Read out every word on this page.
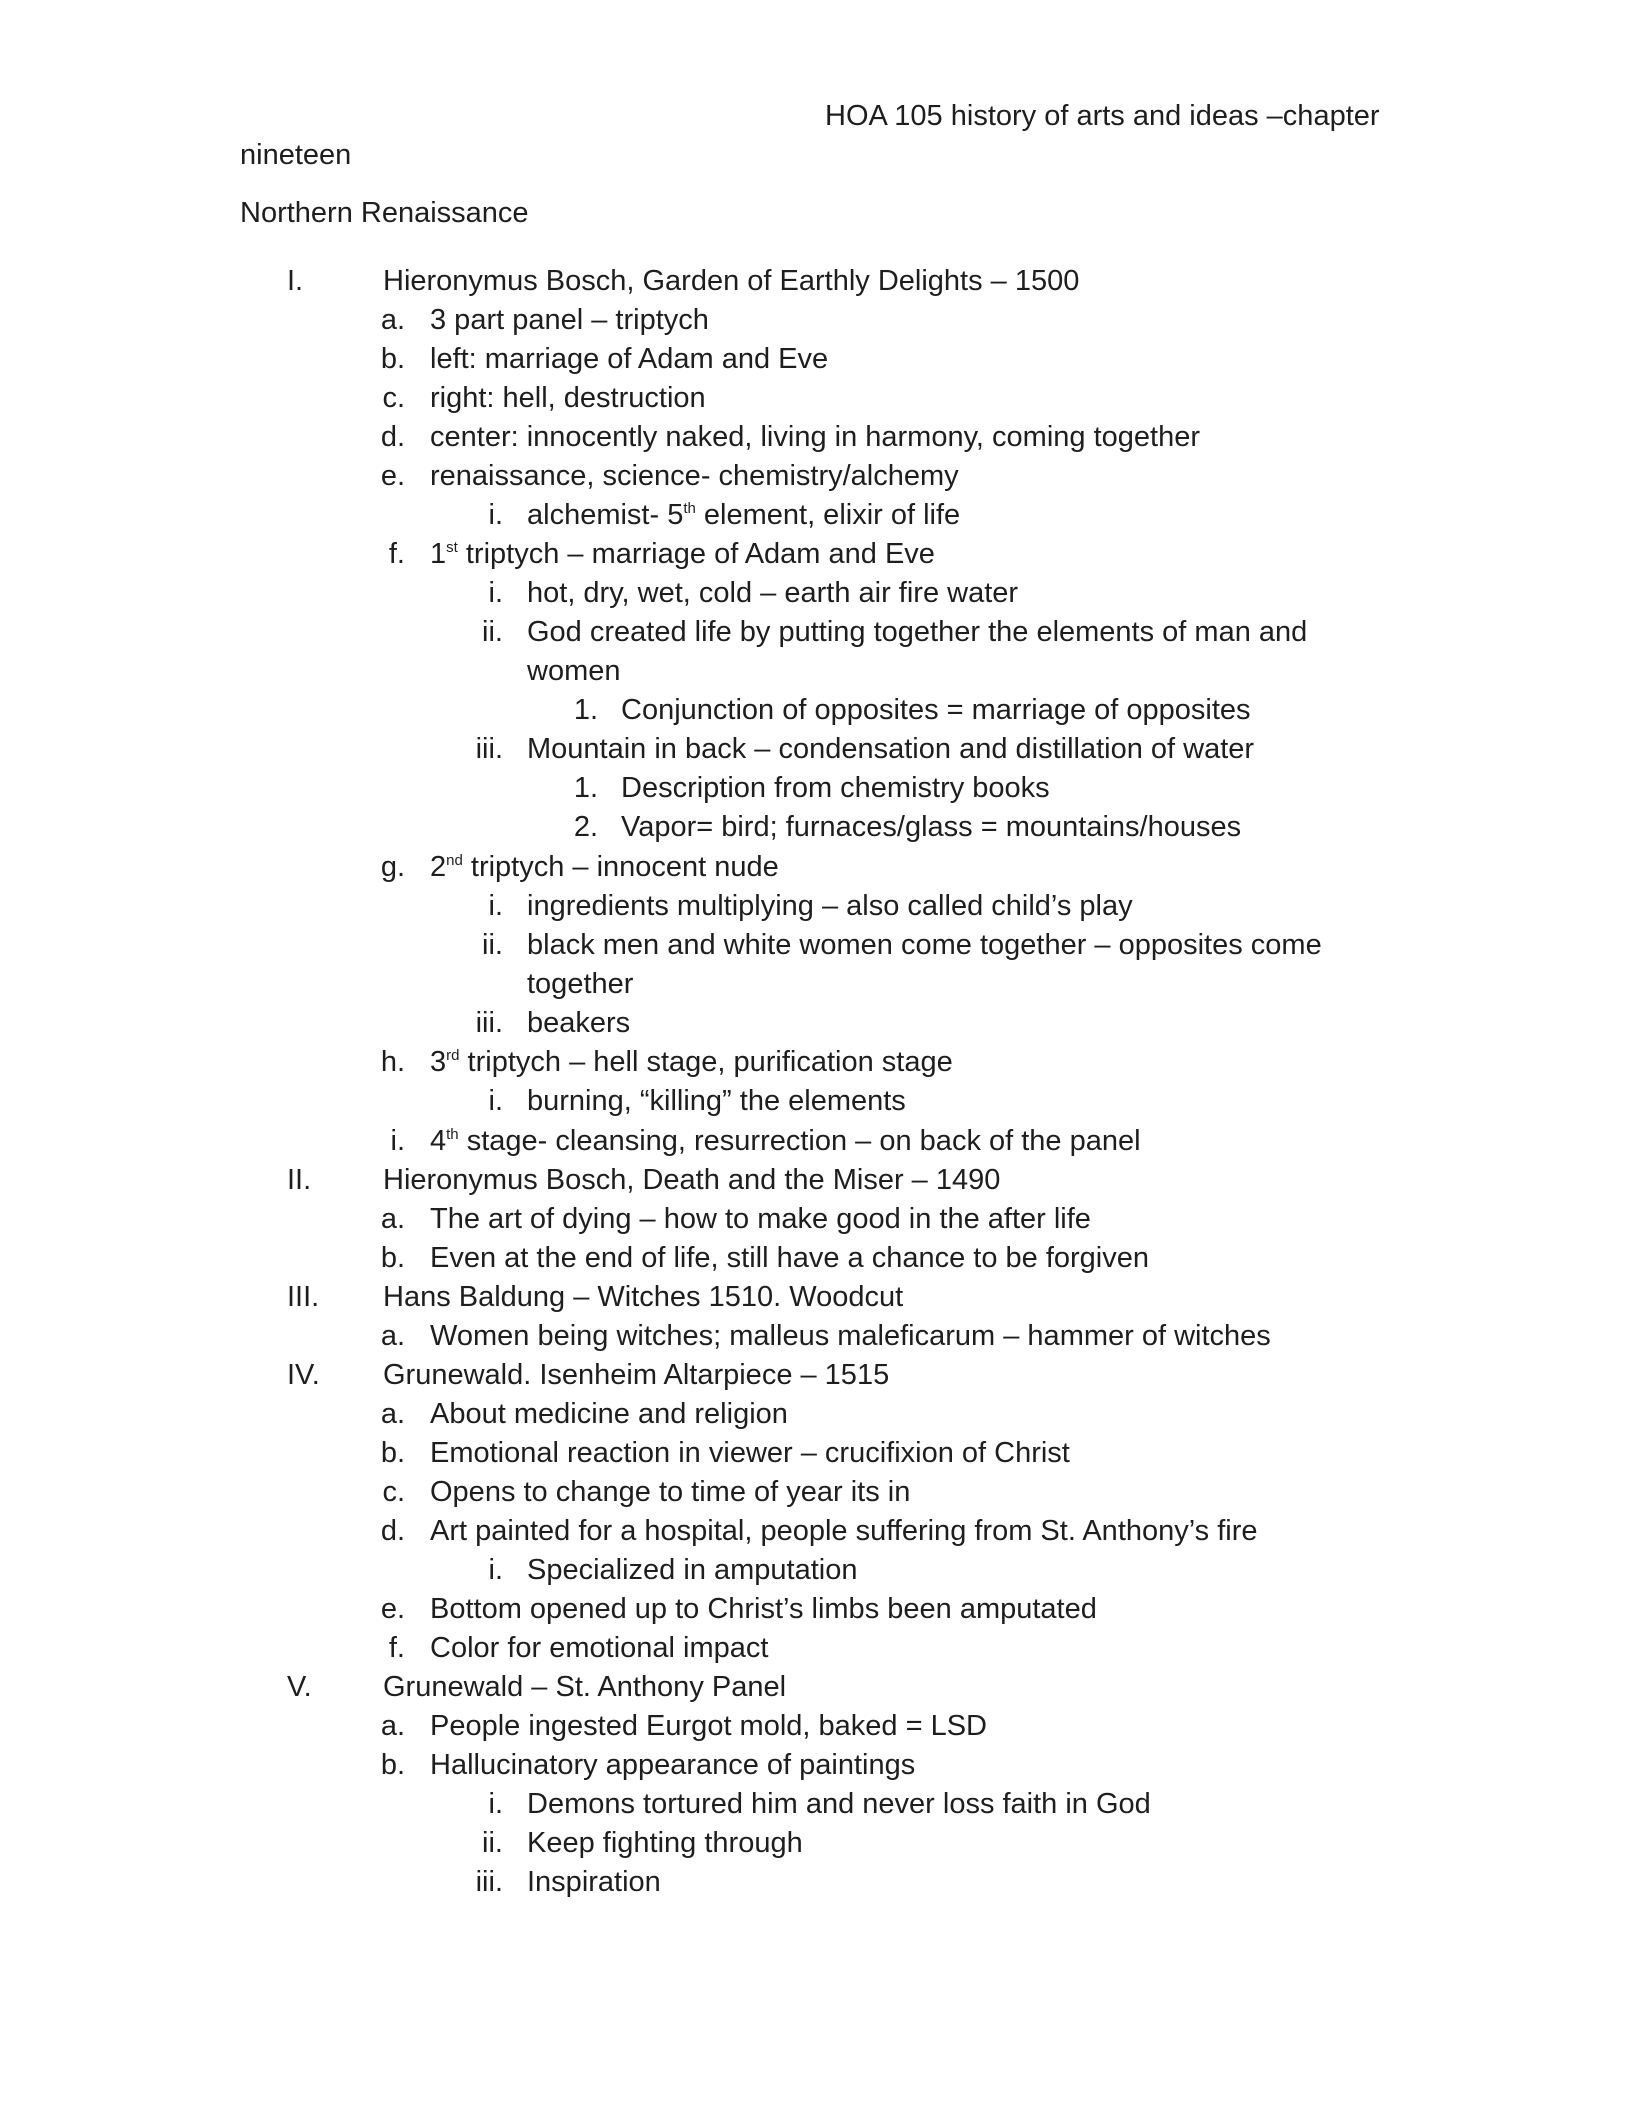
HOA 105 history of arts and ideas –chapter
nineteen
Northern Renaissance
I.	Hieronymus Bosch, Garden of Earthly Delights – 1500
a. 3 part panel – triptych
b. left: marriage of Adam and Eve
c. right: hell, destruction
d. center: innocently naked, living in harmony, coming together
e. renaissance, science- chemistry/alchemy
i. alchemist- 5th element, elixir of life
f. 1st triptych – marriage of Adam and Eve
i. hot, dry, wet, cold – earth air fire water
ii. God created life by putting together the elements of man and
women
1. Conjunction of opposites = marriage of opposites
iii. Mountain in back – condensation and distillation of water
1. Description from chemistry books
2. Vapor= bird; furnaces/glass = mountains/houses
g. 2nd triptych – innocent nude
i. ingredients multiplying – also called child’s play
ii. black men and white women come together – opposites come
together
iii. beakers
h. 3rd triptych – hell stage, purification stage
i. burning, “killing” the elements
i. 4th stage- cleansing, resurrection – on back of the panel
II. Hieronymus Bosch, Death and the Miser – 1490
a. The art of dying – how to make good in the after life
b. Even at the end of life, still have a chance to be forgiven
III. Hans Baldung – Witches 1510. Woodcut
a. Women being witches; malleus maleficarum – hammer of witches
IV. Grunewald. Isenheim Altarpiece – 1515
a. About medicine and religion
b. Emotional reaction in viewer – crucifixion of Christ
c. Opens to change to time of year its in
d. Art painted for a hospital, people suffering from St. Anthony’s fire
i. Specialized in amputation
e. Bottom opened up to Christ’s limbs been amputated
f. Color for emotional impact
V. Grunewald – St. Anthony Panel
a. People ingested Eurgot mold, baked = LSD
b. Hallucinatory appearance of paintings
i. Demons tortured him and never loss faith in God
ii. Keep fighting through
iii. Inspiration
